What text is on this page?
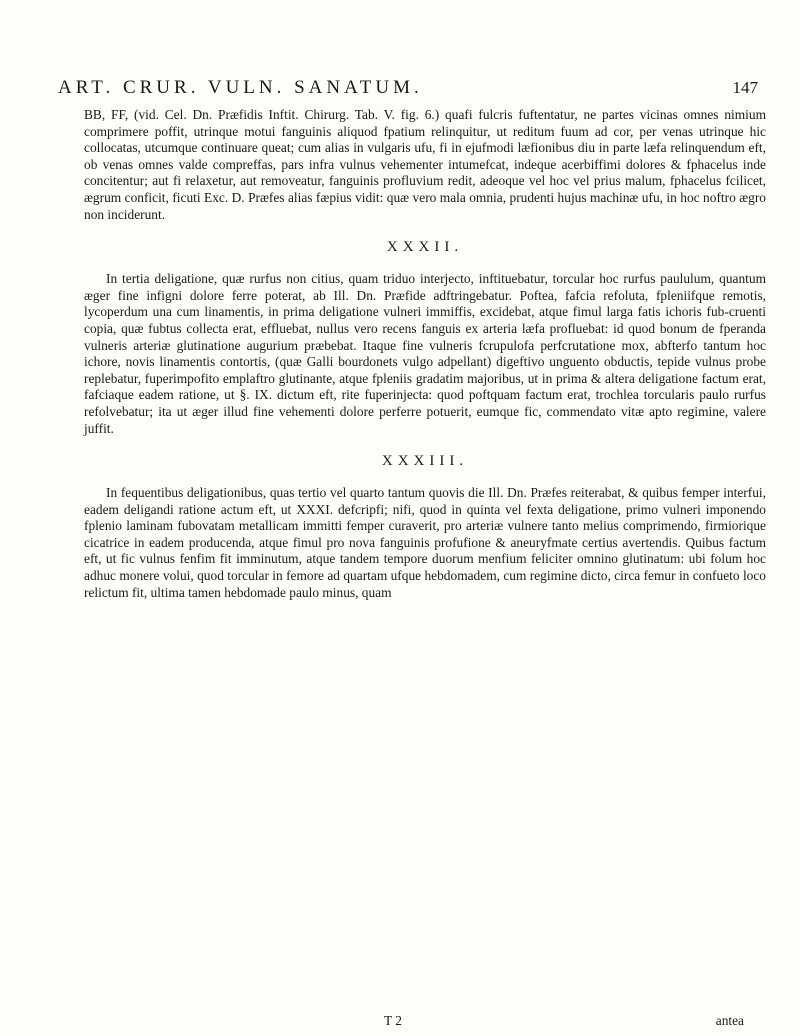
ART. CRUR. VULN. SANATUM.	147

BB, FF, (vid. Cel. Dn. Præfidis Inftit. Chirurg. Tab. V. fig. 6.) quafi fulcris fuftentatur, ne partes vicinas omnes nimium comprimere poffit, utrinque motui fanguinis aliquod fpatium relinquitur, ut reditum fuum ad cor, per venas utrinque hic collocatas, utcumque continuare queat; cum alias in vulgaris ufu, fi in ejufmodi læfionibus diu in parte læfa relinquendum eft, ob venas omnes valde compreffas, pars infra vulnus vehementer intumefcat, indeque acerbiffimi dolores & fphacelus inde concitentur; aut fi relaxetur, aut removeatur, fanguinis profluvium redit, adeoque vel hoc vel prius malum, fphacelus fcilicet, ægrum conficit, ficuti Exc. D. Præfes alias fæpius vidit: quæ vero mala omnia, prudenti hujus machinæ ufu, in hoc noftro ægro non inciderunt.

XXXII.

In tertia deligatione, quæ rurfus non citius, quam triduo interjecto, inftituebatur, torcular hoc rurfus paululum, quantum æger fine infigni dolore ferre poterat, ab Ill. Dn. Præfide adftringebatur. Poftea, fafcia refoluta, fpleniifque remotis, lycoperdum una cum linamentis, in prima deligatione vulneri immiffis, excidebat, atque fimul larga fatis ichoris fub-cruenti copia, quæ fubtus collecta erat, effluebat, nullus vero recens fanguis ex arteria læfa profluebat: id quod bonum de fperanda vulneris arteriæ glutinatione augurium præbebat. Itaque fine vulneris fcrupulofa perfcrutatione mox, abfterfo tantum hoc ichore, novis linamentis contortis, (quæ Galli bourdonets vulgo adpellant) digeftivo unguento obductis, tepide vulnus probe replebatur, fuperimpofito emplaftro glutinante, atque fpleniis gradatim majoribus, ut in prima & altera deligatione factum erat, fafciaque eadem ratione, ut §. IX. dictum eft, rite fuperinjecta: quod poftquam factum erat, trochlea torcularis paulo rurfus refolvebatur; ita ut æger illud fine vehementi dolore perferre potuerit, eumque fic, commendato vitæ apto regimine, valere juffit.

XXXIII.

In fequentibus deligationibus, quas tertio vel quarto tantum quovis die Ill. Dn. Præfes reiterabat, & quibus femper interfui, eadem deligandi ratione actum eft, ut XXXI. defcripfi; nifi, quod in quinta vel fexta deligatione, primo vulneri imponendo fplenio laminam fubovatam metallicam immitti femper curaverit, pro arteriæ vulnere tanto melius comprimendo, firmiorique cicatrice in eadem producenda, atque fimul pro nova fanguinis profufione & aneuryfmate certius avertendis. Quibus factum eft, ut fic vulnus fenfim fit imminutum, atque tandem tempore duorum menfium feliciter omnino glutinatum: ubi folum hoc adhuc monere volui, quod torcular in femore ad quartam ufque hebdomadem, cum regimine dicto, circa femur in confueto loco relictum fit, ultima tamen hebdomade paulo minus, quam

T 2	antea
